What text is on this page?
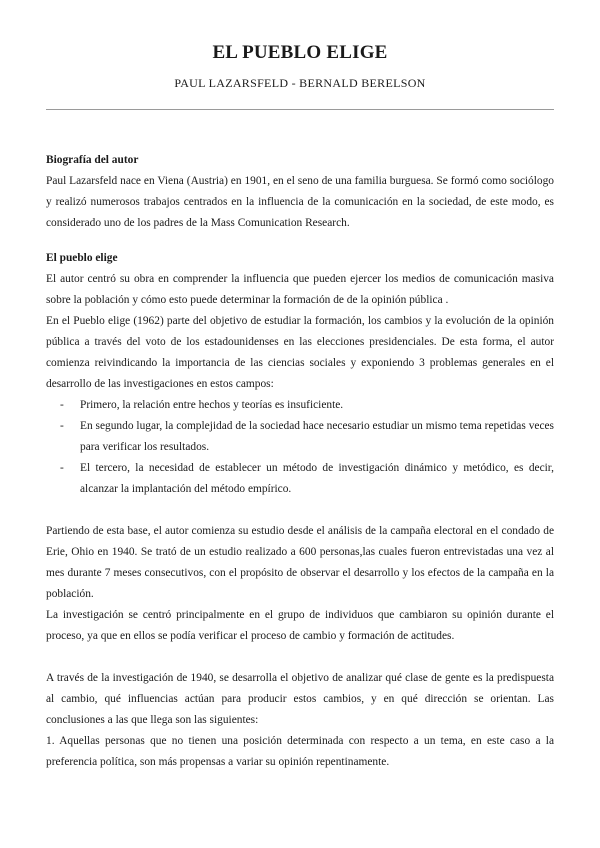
EL PUEBLO ELIGE

PAUL LAZARSFELD - BERNALD BERELSON

Biografía del autor

Paul Lazarsfeld nace en Viena (Austria) en 1901, en el seno de una familia burguesa. Se formó como sociólogo y realizó numerosos trabajos centrados en la influencia de la comunicación en la sociedad, de este modo, es considerado uno de los padres de la Mass Comunication Research.

El pueblo elige

El autor centró su obra en comprender la influencia que pueden ejercer los medios de comunicación masiva sobre la población y cómo esto puede determinar la formación de de la opinión pública .

En el Pueblo elige (1962) parte del objetivo de estudiar la formación, los cambios y la evolución de la opinión pública a través del voto de los estadounidenses en las elecciones presidenciales. De esta forma, el autor comienza reivindicando la importancia de las ciencias sociales y exponiendo 3 problemas generales en el desarrollo de las investigaciones en estos campos:

- Primero, la relación entre hechos y teorías es insuficiente.
- En segundo lugar, la complejidad de la sociedad hace necesario estudiar un mismo tema repetidas veces para verificar los resultados.
- El tercero, la necesidad de establecer un método de investigación dinámico y metódico, es decir, alcanzar la implantación del método empírico.

Partiendo de esta base, el autor comienza su estudio desde el análisis de la campaña electoral en el condado de Erie, Ohio en 1940. Se trató de un estudio realizado a 600 personas,las cuales fueron entrevistadas una vez al mes durante 7 meses consecutivos, con el propósito de observar el desarrollo y los efectos de la campaña en la población.

La investigación se centró principalmente en el grupo de individuos que cambiaron su opinión durante el proceso, ya que en ellos se podía verificar el proceso de cambio y formación de actitudes.

A través de la investigación de 1940, se desarrolla el objetivo de analizar qué clase de gente es la predispuesta al cambio, qué influencias actúan para producir estos cambios, y en qué dirección se orientan. Las conclusiones a las que llega son las siguientes:

1. Aquellas personas que no tienen una posición determinada con respecto a un tema, en este caso a la preferencia política, son más propensas a variar su opinión repentinamente.
